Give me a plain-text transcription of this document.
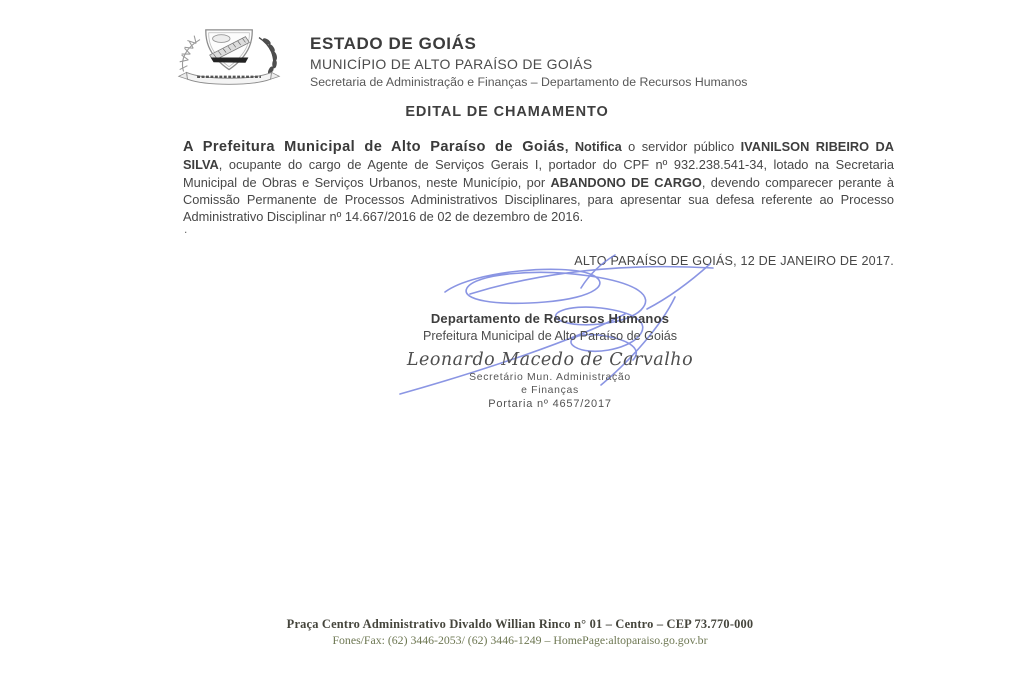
ESTADO DE GOIÁS
MUNICÍPIO DE ALTO PARAÍSO DE GOIÁS
Secretaria de Administração e Finanças – Departamento de Recursos Humanos
EDITAL DE CHAMAMENTO

A Prefeitura Municipal de Alto Paraíso de Goiás, Notifica o servidor público IVANILSON RIBEIRO DA SILVA, ocupante do cargo de Agente de Serviços Gerais I, portador do CPF nº 932.238.541-34, lotado na Secretaria Municipal de Obras e Serviços Urbanos, neste Município, por ABANDONO DE CARGO, devendo comparecer perante à Comissão Permanente de Processos Administrativos Disciplinares, para apresentar sua defesa referente ao Processo Administrativo Disciplinar nº 14.667/2016 de 02 de dezembro de 2016.

.
ALTO PARAÍSO DE GOIÁS, 12 DE JANEIRO DE 2017.
Departamento de Recursos Humanos
Prefeitura Municipal de Alto Paraíso de Goiás
Leonardo Macedo de Carvalho
Secretário Mun. Administração
e Finanças
Portaria nº 4657/2017
Praça Centro Administrativo Divaldo Willian Rinco n° 01 – Centro – CEP 73.770-000
Fones/Fax: (62) 3446-2053/ (62) 3446-1249 – HomePage:altoparaiso.go.gov.br
